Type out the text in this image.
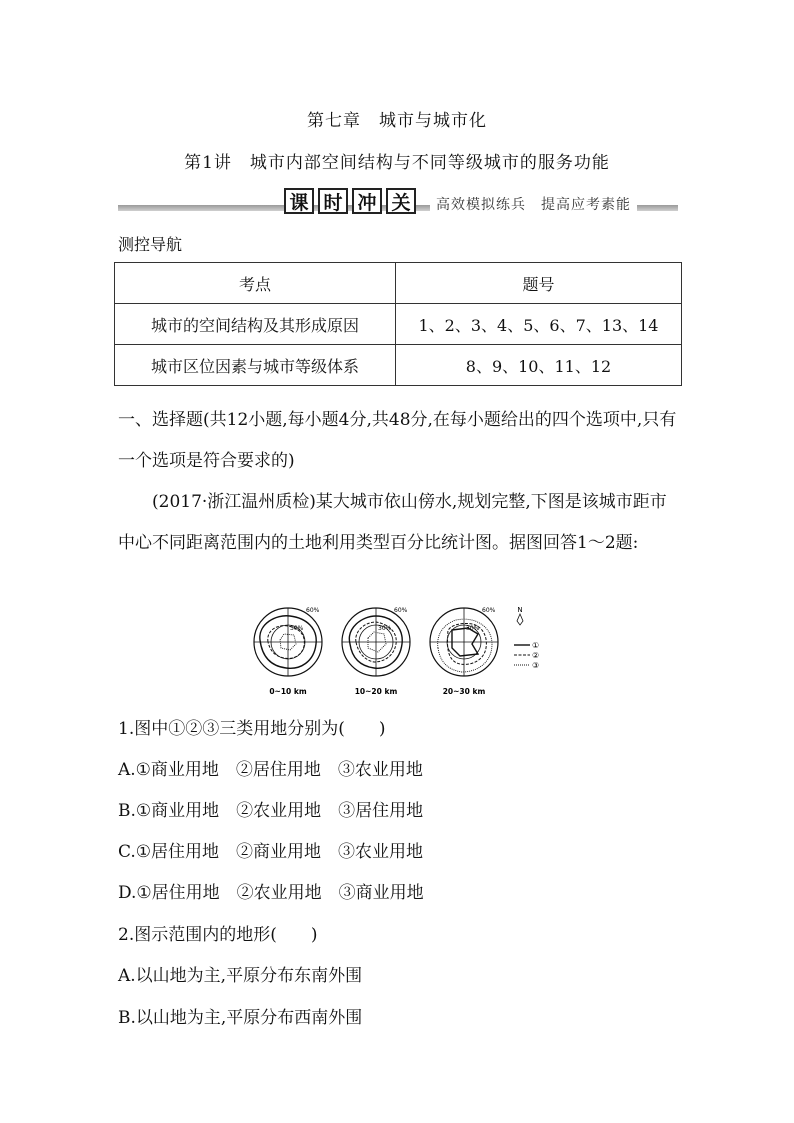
第七章　城市与城市化
第1讲　城市内部空间结构与不同等级城市的服务功能
课 时 冲 关	高效模拟练兵　提高应考素能
测控导航
考点	题号
城市的空间结构及其形成原因	1、2、3、4、5、6、7、13、14
城市区位因素与城市等级体系	8、9、10、11、12
一、选择题(共12小题,每小题4分,共48分,在每小题给出的四个选项中,只有一个选项是符合要求的)
(2017·浙江温州质检)某大城市依山傍水,规划完整,下图是该城市距市中心不同距离范围内的土地利用类型百分比统计图。据图回答1～2题:
60%
30%
0~10 km
60%
30%
10~20 km
60%
30%
20~30 km
N
①
②
③
1.图中①②③三类用地分别为(　　)
A.①商业用地　②居住用地　③农业用地
B.①商业用地　②农业用地　③居住用地
C.①居住用地　②商业用地　③农业用地
D.①居住用地　②农业用地　③商业用地
2.图示范围内的地形(　　)
A.以山地为主,平原分布东南外围
B.以山地为主,平原分布西南外围
